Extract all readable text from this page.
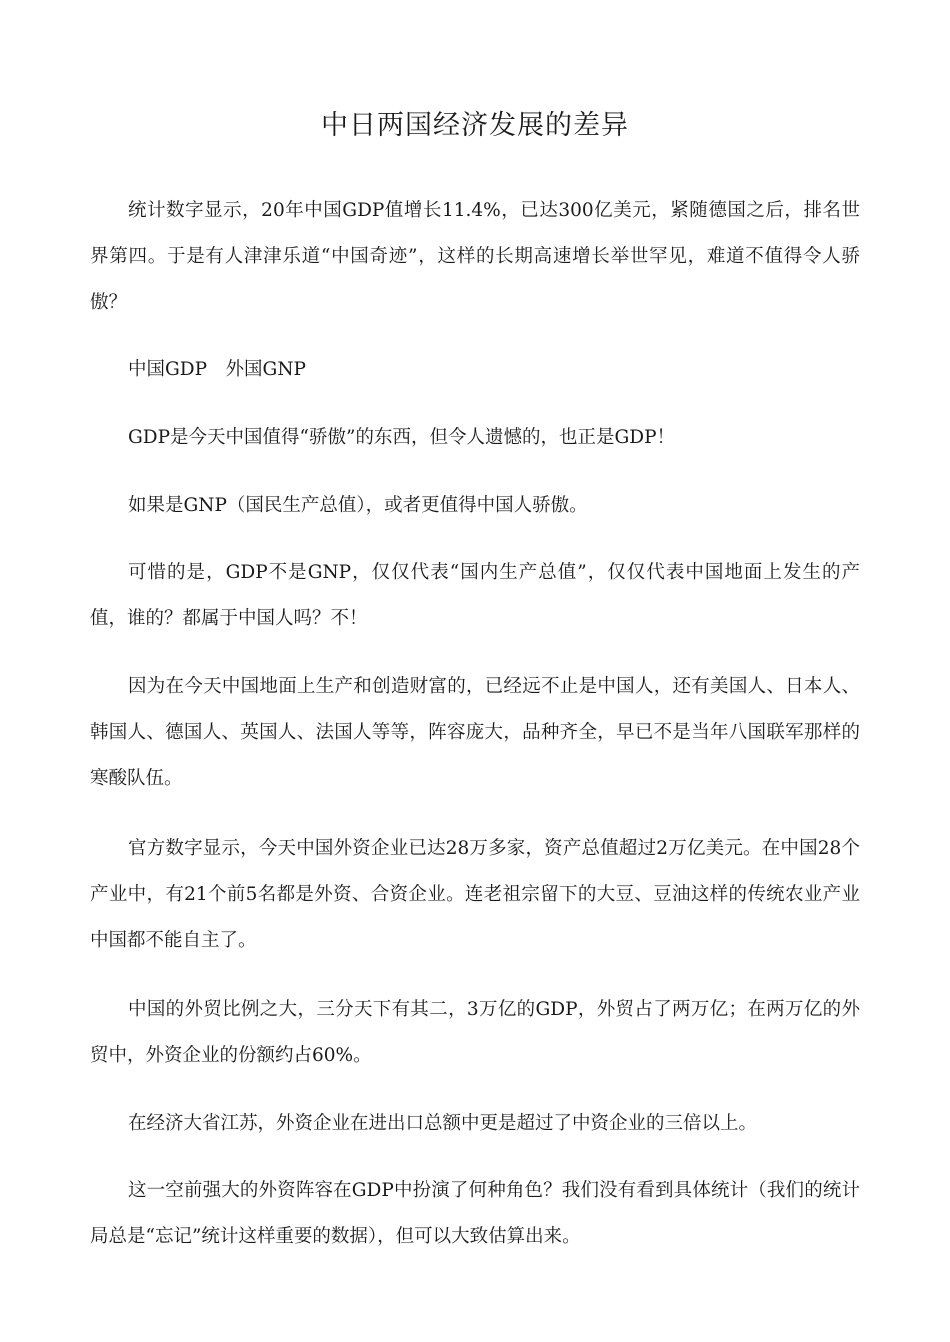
中日两国经济发展的差异

统计数字显示，20年中国GDP值增长11.4%，已达300亿美元，紧随德国之后，排名世界第四。于是有人津津乐道“中国奇迹”，这样的长期高速增长举世罕见，难道不值得令人骄傲？

中国GDP　外国GNP

GDP是今天中国值得“骄傲”的东西，但令人遗憾的，也正是GDP！

如果是GNP（国民生产总值），或者更值得中国人骄傲。

可惜的是，GDP不是GNP，仅仅代表“国内生产总值”，仅仅代表中国地面上发生的产值，谁的？都属于中国人吗？不！

因为在今天中国地面上生产和创造财富的，已经远不止是中国人，还有美国人、日本人、韩国人、德国人、英国人、法国人等等，阵容庞大，品种齐全，早已不是当年八国联军那样的寒酸队伍。

官方数字显示，今天中国外资企业已达28万多家，资产总值超过2万亿美元。在中国28个产业中，有21个前5名都是外资、合资企业。连老祖宗留下的大豆、豆油这样的传统农业产业中国都不能自主了。

中国的外贸比例之大，三分天下有其二，3万亿的GDP，外贸占了两万亿；在两万亿的外贸中，外资企业的份额约占60%。

在经济大省江苏，外资企业在进出口总额中更是超过了中资企业的三倍以上。

这一空前强大的外资阵容在GDP中扮演了何种角色？我们没有看到具体统计（我们的统计局总是“忘记”统计这样重要的数据），但可以大致估算出来。
